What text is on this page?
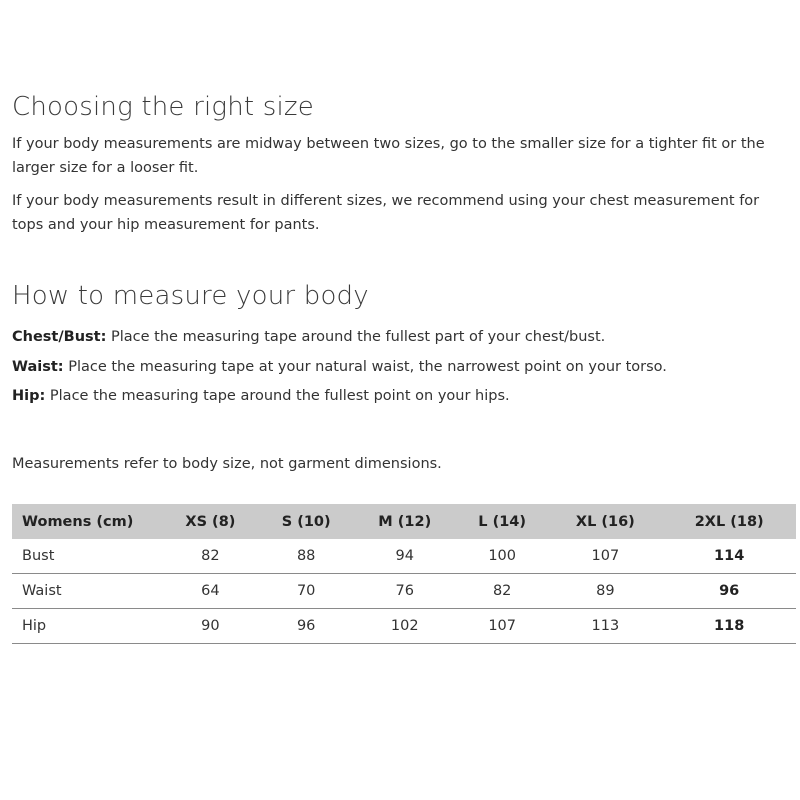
Choosing the right size

If your body measurements are midway between two sizes, go to the smaller size for a tighter fit or the larger size for a looser fit.

If your body measurements result in different sizes, we recommend using your chest measurement for tops and your hip measurement for pants.

How to measure your body

Chest/Bust: Place the measuring tape around the fullest part of your chest/bust.

Waist: Place the measuring tape at your natural waist, the narrowest point on your torso.

Hip: Place the measuring tape around the fullest point on your hips.

Measurements refer to body size, not garment dimensions.

Womens (cm)	XS (8)	S (10)	M (12)	L (14)	XL (16)	2XL (18)
Bust	82	88	94	100	107	114
Waist	64	70	76	82	89	96
Hip	90	96	102	107	113	118
